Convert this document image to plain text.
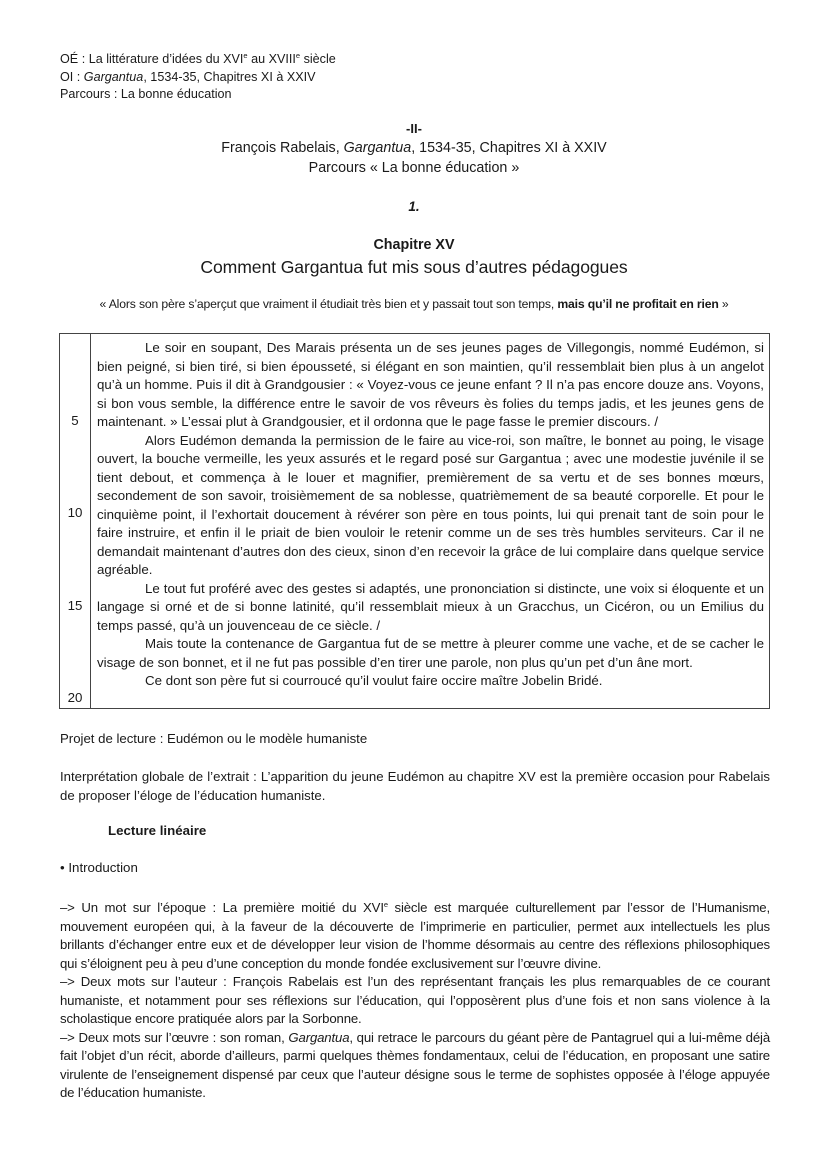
OÉ : La littérature d’idées du XVIe au XVIIIe siècle
OI : Gargantua, 1534-35, Chapitres XI à XXIV
Parcours : La bonne éducation
-II-
François Rabelais, Gargantua, 1534-35, Chapitres XI à XXIV
Parcours « La bonne éducation »
1.
Chapitre XV
Comment Gargantua fut mis sous d’autres pédagogues
« Alors son père s’aperçut que vraiment il étudiait très bien et y passait tout son temps, mais qu’il ne profitait en rien »
5
10
15
20

Le soir en soupant, Des Marais présenta un de ses jeunes pages de Villegongis, nommé Eudémon, si bien peigné, si bien tiré, si bien épousseté, si élégant en son maintien, qu’il ressemblait bien plus à un angelot qu’à un homme. Puis il dit à Grandgousier : « Voyez-vous ce jeune enfant ? Il n’a pas encore douze ans. Voyons, si bon vous semble, la différence entre le savoir de vos rêveurs ès folies du temps jadis, et les jeunes gens de maintenant. » L’essai plut à Grandgousier, et il ordonna que le page fasse le premier discours. /

Alors Eudémon demanda la permission de le faire au vice-roi, son maître, le bonnet au poing, le visage ouvert, la bouche vermeille, les yeux assurés et le regard posé sur Gargantua ; avec une modestie juvénile il se tient debout, et commença à le louer et magnifier, premièrement de sa vertu et de ses bonnes mœurs, secondement de son savoir, troisièmement de sa noblesse, quatrièmement de sa beauté corporelle. Et pour le cinquième point, il l’exhortait doucement à révérer son père en tous points, lui qui prenait tant de soin pour le faire instruire, et enfin il le priait de bien vouloir le retenir comme un de ses très humbles serviteurs. Car il ne demandait maintenant d’autres don des cieux, sinon d’en recevoir la grâce de lui complaire dans quelque service agréable.

Le tout fut proféré avec des gestes si adaptés, une prononciation si distincte, une voix si éloquente et un langage si orné et de si bonne latinité, qu’il ressemblait mieux à un Gracchus, un Cicéron, ou un Emilius du temps passé, qu’à un jouvenceau de ce siècle. /

Mais toute la contenance de Gargantua fut de se mettre à pleurer comme une vache, et de se cacher le visage de son bonnet, et il ne fut pas possible d’en tirer une parole, non plus qu’un pet d’un âne mort.

Ce dont son père fut si courroucé qu’il voulut faire occire maître Jobelin Bridé.

Projet de lecture : Eudémon ou le modèle humaniste
Interprétation globale de l’extrait : L’apparition du jeune Eudémon au chapitre XV est la première occasion pour Rabelais de proposer l’éloge de l’éducation humaniste.
Lecture linéaire
• Introduction

–> Un mot sur l’époque : La première moitié du XVIe siècle est marquée culturellement par l’essor de l’Humanisme, mouvement européen qui, à la faveur de la découverte de l’imprimerie en particulier, permet aux intellectuels les plus brillants d’échanger entre eux et de développer leur vision de l’homme désormais au centre des réflexions philosophiques qui s’éloignent peu à peu d’une conception du monde fondée exclusivement sur l’œuvre divine.

–> Deux mots sur l’auteur : François Rabelais est l’un des représentant français les plus remarquables de ce courant humaniste, et notamment pour ses réflexions sur l’éducation, qui l’opposèrent plus d’une fois et non sans violence à la scholastique encore pratiquée alors par la Sorbonne.

–> Deux mots sur l’œuvre : son roman, Gargantua, qui retrace le parcours du géant père de Pantagruel qui a lui-même déjà fait l’objet d’un récit, aborde d’ailleurs, parmi quelques thèmes fondamentaux, celui de l’éducation, en proposant une satire virulente de l’enseignement dispensé par ceux que l’auteur désigne sous le terme de sophistes opposée à l’éloge appuyée de l’éducation humaniste.
